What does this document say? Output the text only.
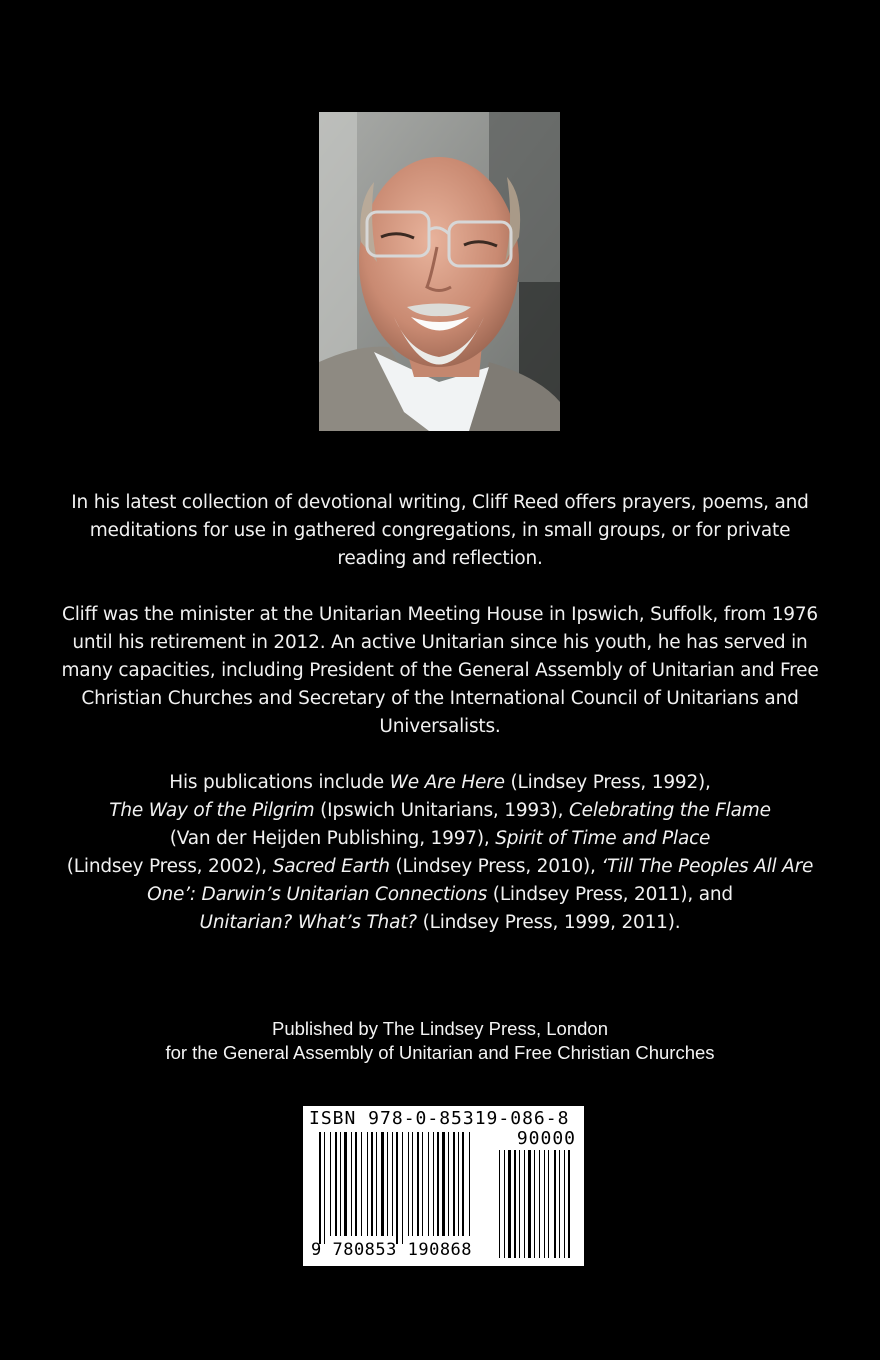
In his latest collection of devotional writing, Cliff Reed offers prayers, poems, and meditations for use in gathered congregations, in small groups, or for private reading and reflection.

Cliff was the minister at the Unitarian Meeting House in Ipswich, Suffolk, from 1976 until his retirement in 2012. An active Unitarian since his youth, he has served in many capacities, including President of the General Assembly of Unitarian and Free Christian Churches and Secretary of the International Council of Unitarians and Universalists.

His publications include We Are Here (Lindsey Press, 1992),
The Way of the Pilgrim (Ipswich Unitarians, 1993), Celebrating the Flame
(Van der Heijden Publishing, 1997), Spirit of Time and Place
(Lindsey Press, 2002), Sacred Earth (Lindsey Press, 2010), ‘Till The Peoples All Are One’: Darwin’s Unitarian Connections (Lindsey Press, 2011), and
Unitarian? What’s That? (Lindsey Press, 1999, 2011).

Published by The Lindsey Press, London
for the General Assembly of Unitarian and Free Christian Churches
ISBN 978-0-85319-086-8
90000
9 780853 190868
